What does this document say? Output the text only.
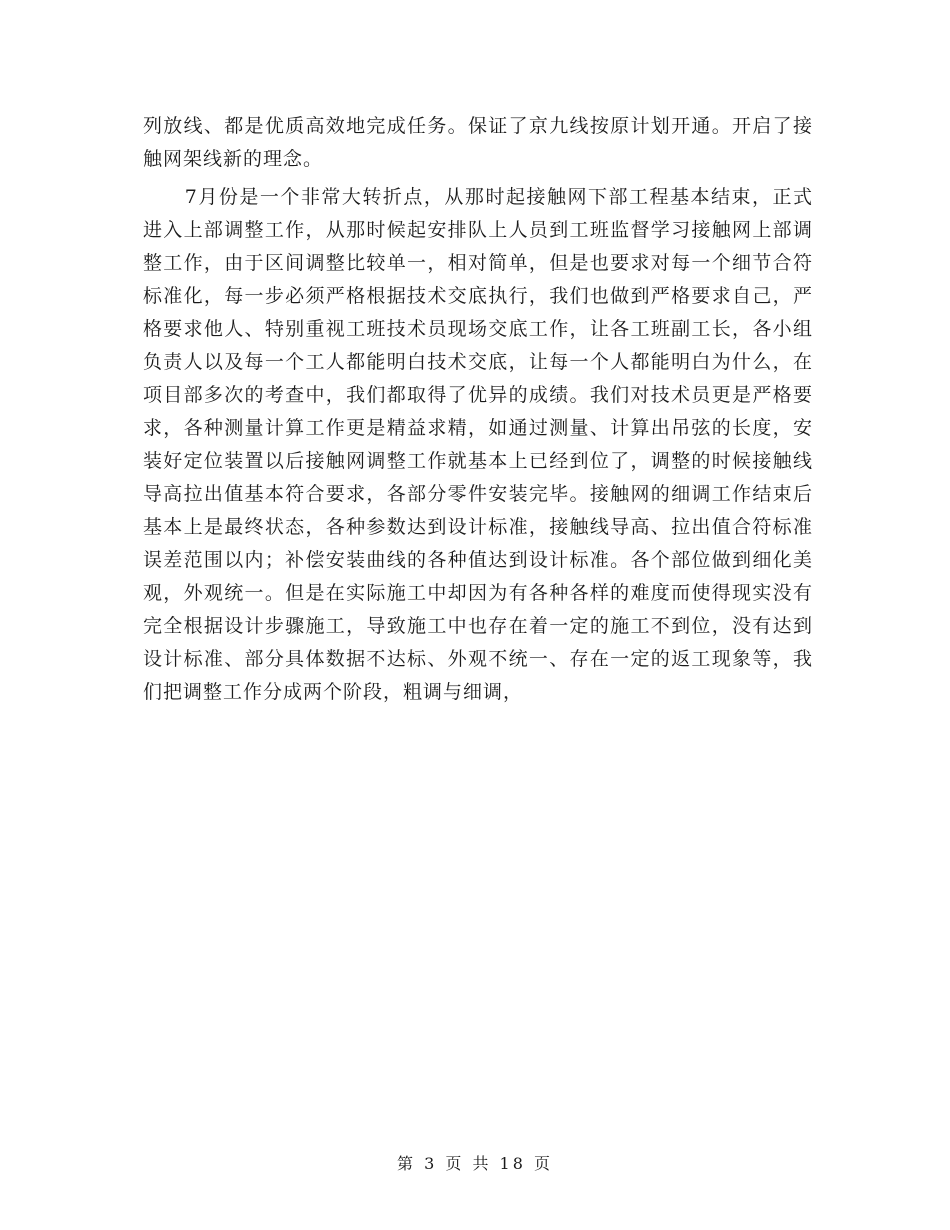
列放线、都是优质高效地完成任务。保证了京九线按原计划开通。开启了接触网架线新的理念。

7月份是一个非常大转折点，从那时起接触网下部工程基本结束，正式进入上部调整工作，从那时候起安排队上人员到工班监督学习接触网上部调整工作，由于区间调整比较单一，相对简单，但是也要求对每一个细节合符标准化，每一步必须严格根据技术交底执行，我们也做到严格要求自己，严格要求他人、特别重视工班技术员现场交底工作，让各工班副工长，各小组负责人以及每一个工人都能明白技术交底，让每一个人都能明白为什么，在项目部多次的考查中，我们都取得了优异的成绩。我们对技术员更是严格要求，各种测量计算工作更是精益求精，如通过测量、计算出吊弦的长度，安装好定位装置以后接触网调整工作就基本上已经到位了，调整的时候接触线导高拉出值基本符合要求，各部分零件安装完毕。接触网的细调工作结束后基本上是最终状态，各种参数达到设计标准，接触线导高、拉出值合符标准误差范围以内；补偿安装曲线的各种值达到设计标准。各个部位做到细化美观，外观统一。但是在实际施工中却因为有各种各样的难度而使得现实没有完全根据设计步骤施工，导致施工中也存在着一定的施工不到位，没有达到设计标准、部分具体数据不达标、外观不统一、存在一定的返工现象等，我们把调整工作分成两个阶段，粗调与细调，

第 3 页 共 18 页
